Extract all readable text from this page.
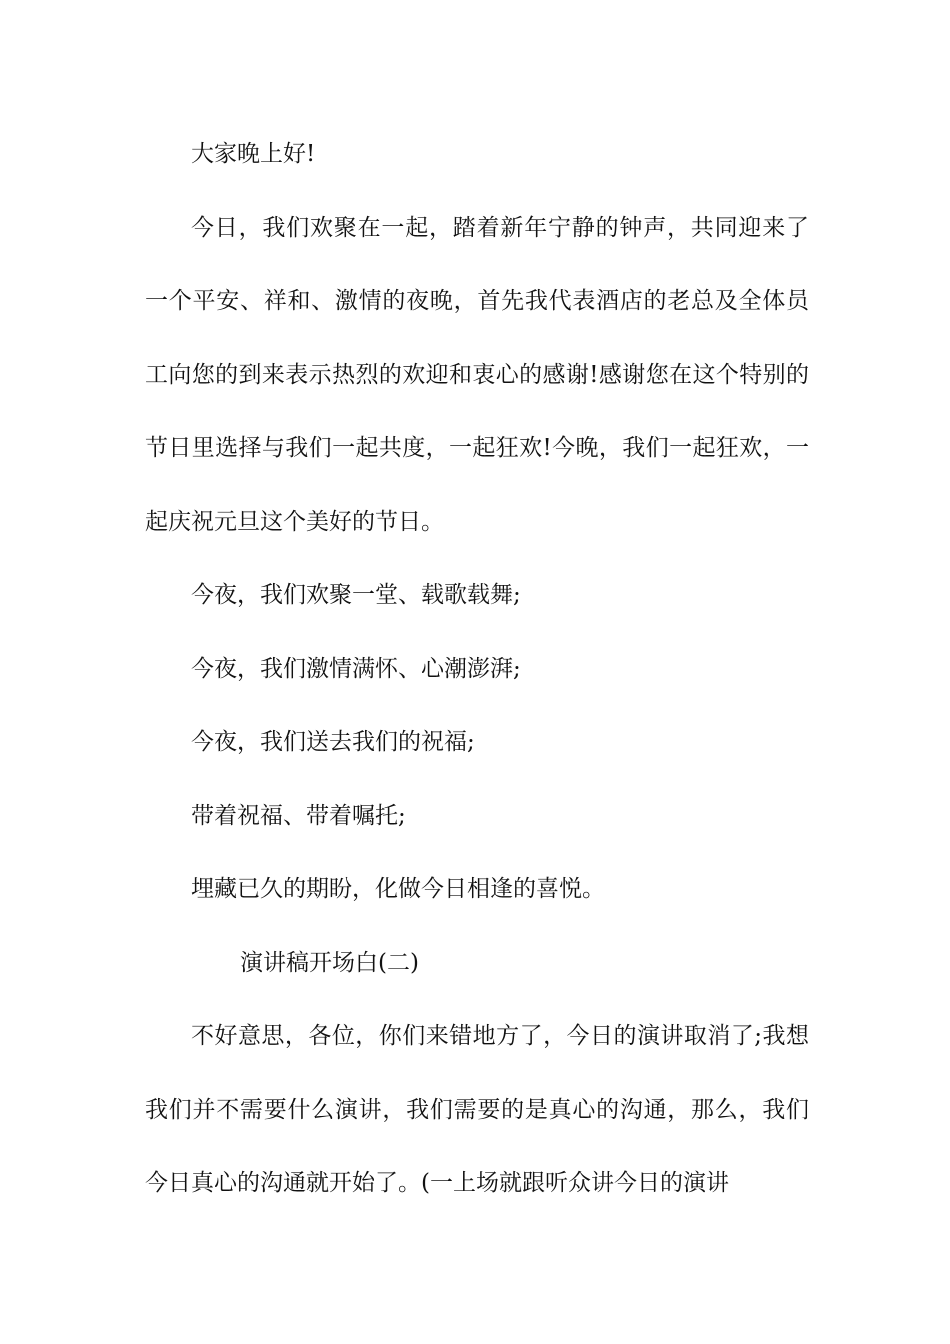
大家晚上好!

今日，我们欢聚在一起，踏着新年宁静的钟声，共同迎来了一个平安、祥和、激情的夜晚，首先我代表酒店的老总及全体员工向您的到来表示热烈的欢迎和衷心的感谢!感谢您在这个特别的节日里选择与我们一起共度，一起狂欢!今晚，我们一起狂欢，一起庆祝元旦这个美好的节日。

今夜，我们欢聚一堂、载歌载舞;

今夜，我们激情满怀、心潮澎湃;

今夜，我们送去我们的祝福;

带着祝福、带着嘱托;

埋藏已久的期盼，化做今日相逢的喜悦。

演讲稿开场白(二)

不好意思，各位，你们来错地方了，今日的演讲取消了;我想我们并不需要什么演讲，我们需要的是真心的沟通，那么，我们今日真心的沟通就开始了。(一上场就跟听众讲今日的演讲
